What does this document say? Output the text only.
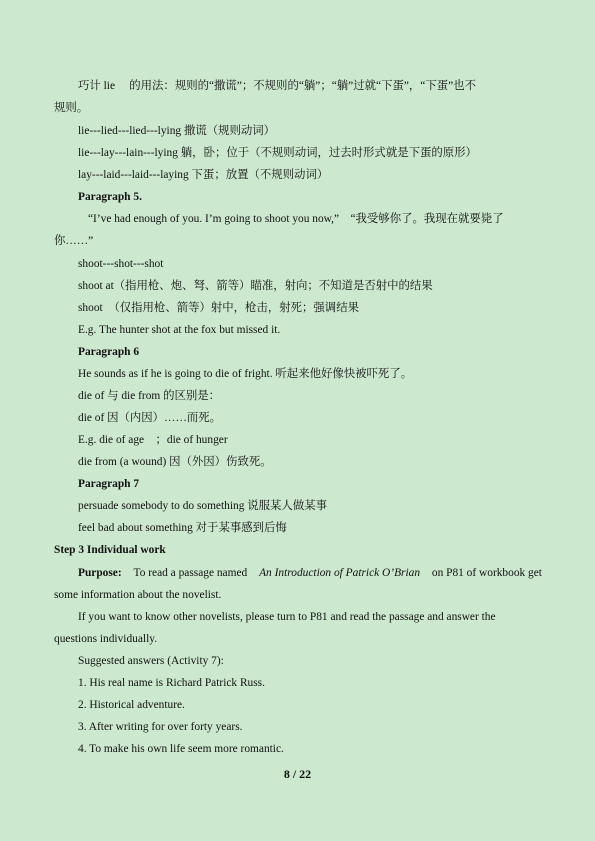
巧计 lie　 的用法：规则的“撒谎”；不规则的“躺”；“躺”过就“下蛋”，“下蛋”也不
规则。
lie---lied---lied---lying 撒谎（规则动词）
lie---lay---lain---lying 躺，卧；位于（不规则动词，过去时形式就是下蛋的原形）
lay---laid---laid---laying 下蛋；放置（不规则动词）
Paragraph 5.
“I’ve had enough of you. I’m going to shoot you now,”　“我受够你了。我现在就要毙了
你……”
shoot---shot---shot
shoot at（指用枪、炮、弩、箭等）瞄准，射向；不知道是否射中的结果
shoot　（仅指用枪、箭等）射中，枪击，射死；强调结果
E.g. The hunter shot at the fox but missed it.
Paragraph 6
He sounds as if he is going to die of fright. 听起来他好像快被吓死了。
die of 与 die from 的区别是：
die of 因（内因）……而死。
E.g. die of age　；die of hunger
die from (a wound) 因（外因）伤致死。
Paragraph 7
persuade somebody to do something 说服某人做某事
feel bad about something 对于某事感到后悔
Step 3 Individual work
Purpose: To read a passage named An Introduction of Patrick O’Brian on P81 of workbook get
some information about the novelist.
If you want to know other novelists, please turn to P81 and read the passage and answer the
questions individually.
Suggested answers (Activity 7):
1. His real name is Richard Patrick Russ.
2. Historical adventure.
3. After writing for over forty years.
4. To make his own life seem more romantic.
8 / 22
